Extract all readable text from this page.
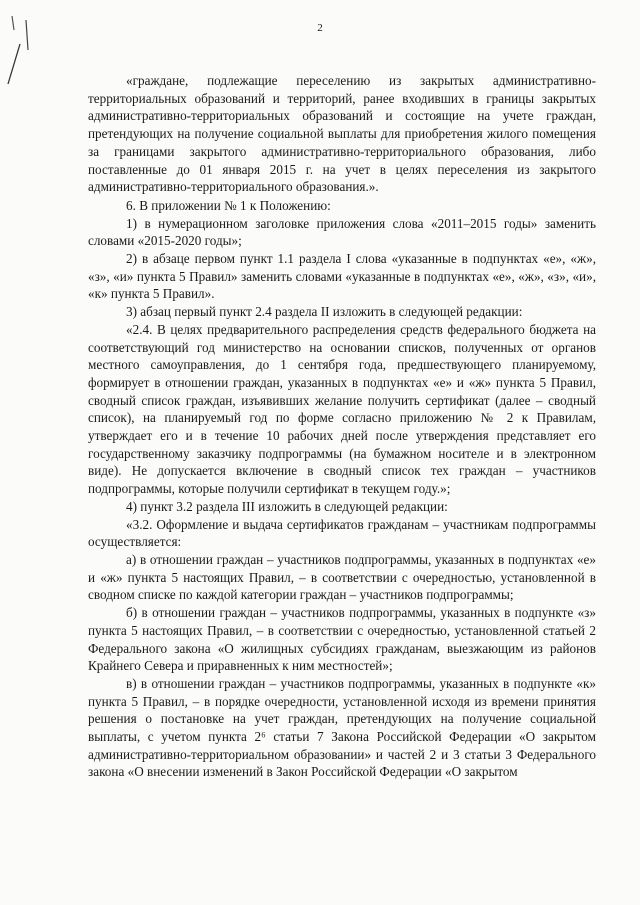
2

«граждане, подлежащие переселению из закрытых административно-территориальных образований и территорий, ранее входивших в границы закрытых административно-территориальных образований и состоящие на учете граждан, претендующих на получение социальной выплаты для приобретения жилого помещения за границами закрытого административно-территориального образования, либо поставленные до 01 января 2015 г. на учет в целях переселения из закрытого административно-территориального образования.».

6. В приложении № 1 к Положению:

1) в нумерационном заголовке приложения слова «2011–2015 годы» заменить словами «2015-2020 годы»;

2) в абзаце первом пункт 1.1 раздела I слова «указанные в подпунктах «е», «ж», «з», «и» пункта 5 Правил» заменить словами «указанные в подпунктах «е», «ж», «з», «и», «к» пункта 5 Правил».

3) абзац первый пункт 2.4 раздела II изложить в следующей редакции:

«2.4. В целях предварительного распределения средств федерального бюджета на соответствующий год министерство на основании списков, полученных от органов местного самоуправления, до 1 сентября года, предшествующего планируемому, формирует в отношении граждан, указанных в подпунктах «е» и «ж» пункта 5 Правил, сводный список граждан, изъявивших желание получить сертификат (далее – сводный список), на планируемый год по форме согласно приложению № 2 к Правилам, утверждает его и в течение 10 рабочих дней после утверждения представляет его государственному заказчику подпрограммы (на бумажном носителе и в электронном виде). Не допускается включение в сводный список тех граждан – участников подпрограммы, которые получили сертификат в текущем году.»;

4) пункт 3.2 раздела III изложить в следующей редакции:

«3.2. Оформление и выдача сертификатов гражданам – участникам подпрограммы осуществляется:

а) в отношении граждан – участников подпрограммы, указанных в подпунктах «е» и «ж» пункта 5 настоящих Правил, – в соответствии с очередностью, установленной в сводном списке по каждой категории граждан – участников подпрограммы;

б) в отношении граждан – участников подпрограммы, указанных в подпункте «з» пункта 5 настоящих Правил, – в соответствии с очередностью, установленной статьей 2 Федерального закона «О жилищных субсидиях гражданам, выезжающим из районов Крайнего Севера и приравненных к ним местностей»;

в) в отношении граждан – участников подпрограммы, указанных в подпункте «к» пункта 5 Правил, – в порядке очередности, установленной исходя из времени принятия решения о постановке на учет граждан, претендующих на получение социальной выплаты, с учетом пункта 2⁶ статьи 7 Закона Российской Федерации «О закрытом административно-территориальном образовании» и частей 2 и 3 статьи 3 Федерального закона «О внесении изменений в Закон Российской Федерации «О закрытом
